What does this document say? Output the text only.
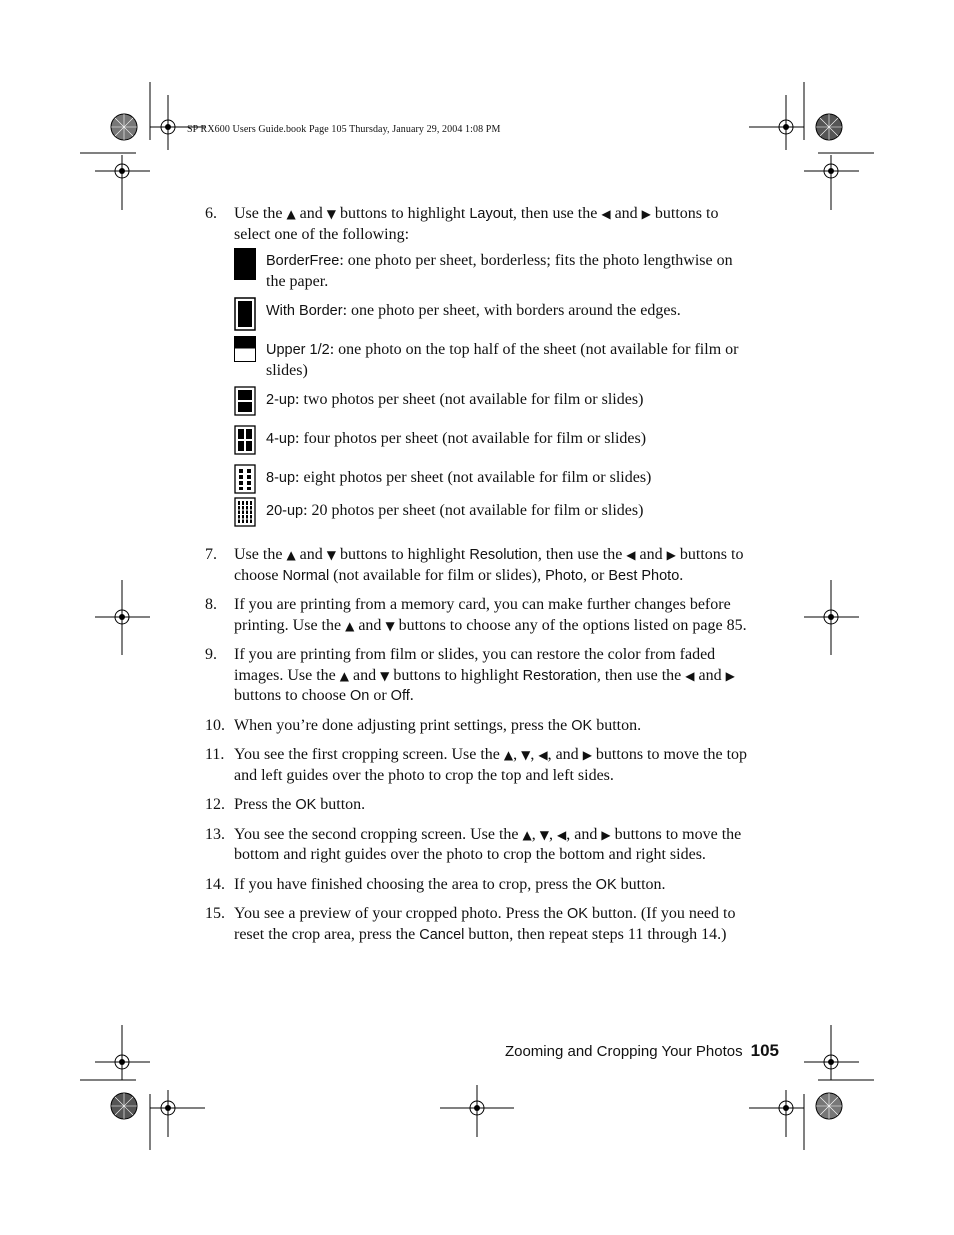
SP RX600 Users Guide.book Page 105 Thursday, January 29, 2004 1:08 PM
6.	Use the ▲ and ▼ buttons to highlight Layout, then use the ◀ and ▶ buttons to select one of the following:
BorderFree: one photo per sheet, borderless; fits the photo lengthwise on the paper.
With Border: one photo per sheet, with borders around the edges.
Upper 1/2: one photo on the top half of the sheet (not available for film or slides)
2-up: two photos per sheet (not available for film or slides)
4-up: four photos per sheet (not available for film or slides)
8-up: eight photos per sheet (not available for film or slides)
20-up: 20 photos per sheet (not available for film or slides)
7.	Use the ▲ and ▼ buttons to highlight Resolution, then use the ◀ and ▶ buttons to choose Normal (not available for film or slides), Photo, or Best Photo.
8.	If you are printing from a memory card, you can make further changes before printing. Use the ▲ and ▼ buttons to choose any of the options listed on page 85.
9.	If you are printing from film or slides, you can restore the color from faded images. Use the ▲ and ▼ buttons to highlight Restoration, then use the ◀ and ▶ buttons to choose On or Off.
10. When you’re done adjusting print settings, press the OK button.
11. You see the first cropping screen. Use the ▲, ▼, ◀, and ▶ buttons to move the top and left guides over the photo to crop the top and left sides.
12. Press the OK button.
13. You see the second cropping screen. Use the ▲, ▼, ◀, and ▶ buttons to move the bottom and right guides over the photo to crop the bottom and right sides.
14. If you have finished choosing the area to crop, press the OK button.
15. You see a preview of your cropped photo. Press the OK button. (If you need to reset the crop area, press the Cancel button, then repeat steps 11 through 14.)
Zooming and Cropping Your Photos 105
